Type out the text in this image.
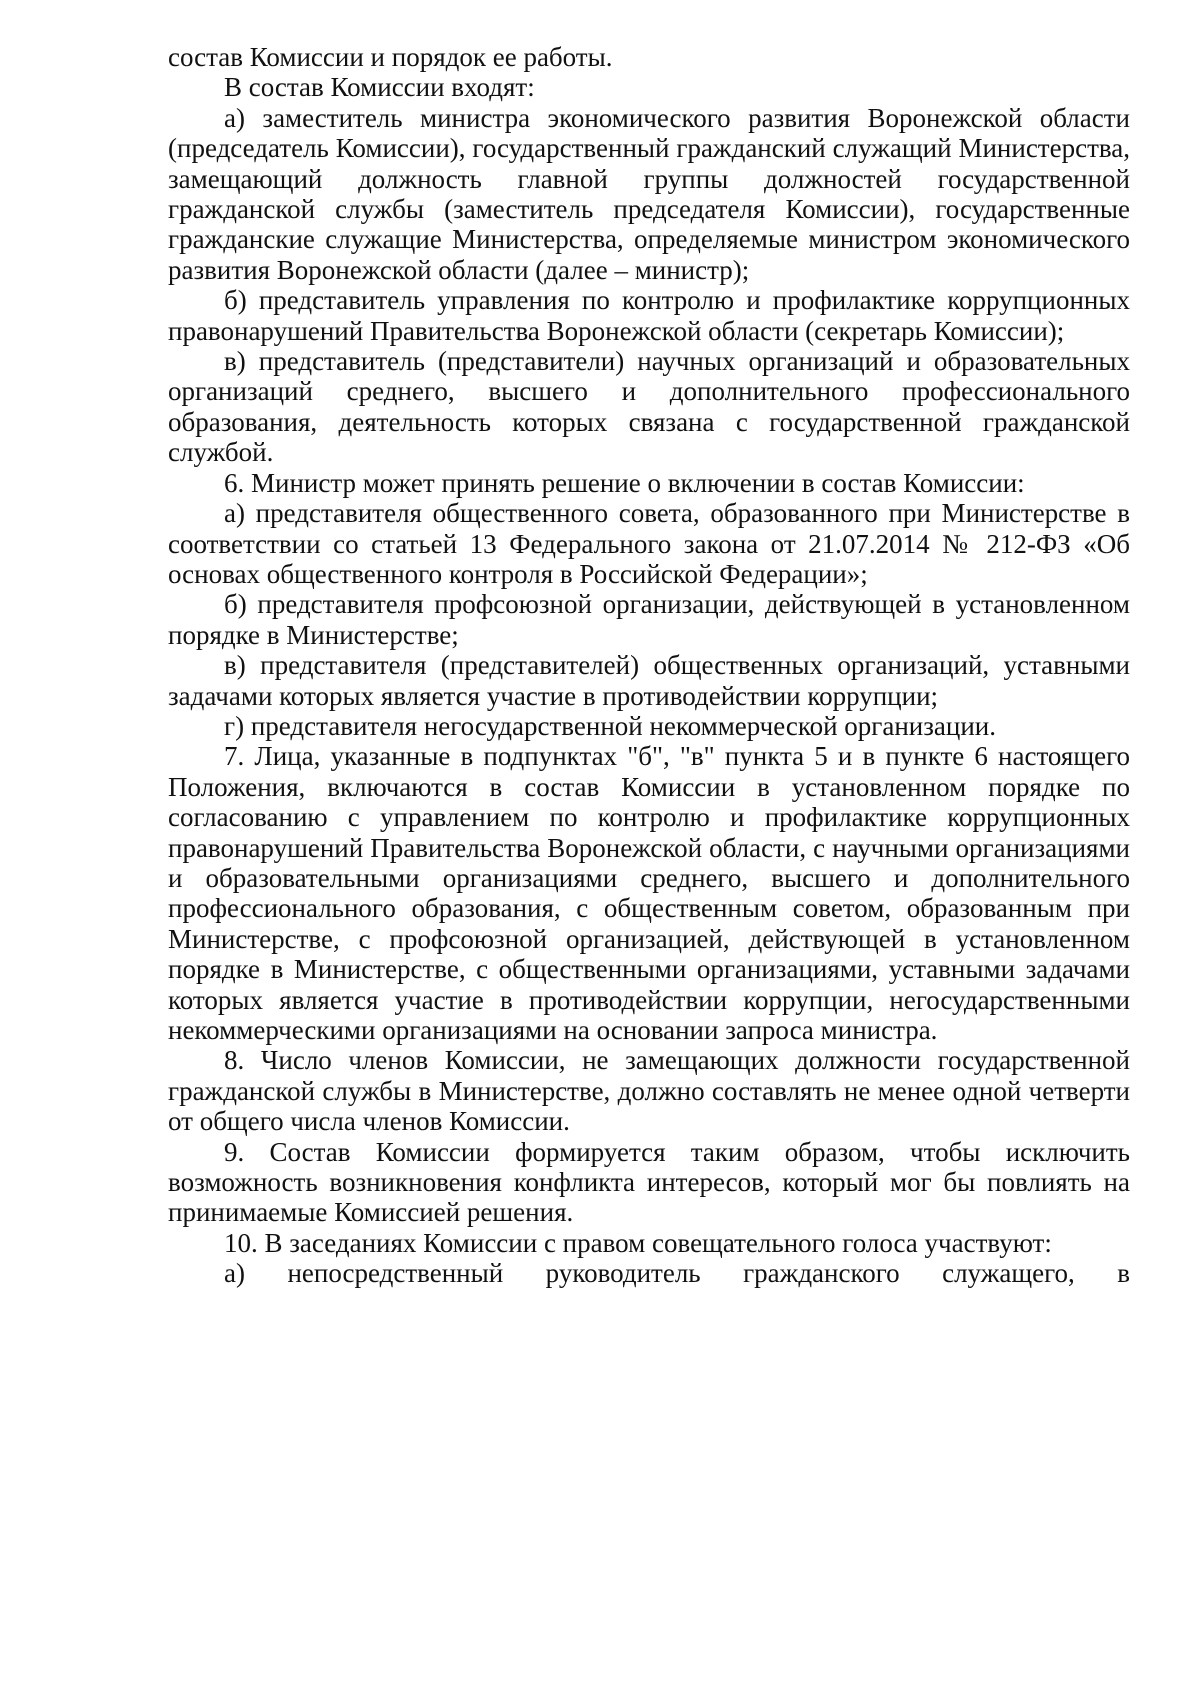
состав Комиссии и порядок ее работы.

В состав Комиссии входят:

а) заместитель министра экономического развития Воронежской области (председатель Комиссии), государственный гражданский служащий Министерства, замещающий должность главной группы должностей государственной гражданской службы (заместитель председателя Комиссии), государственные гражданские служащие Министерства, определяемые министром экономического развития Воронежской области (далее – министр);

б) представитель управления по контролю и профилактике коррупционных правонарушений Правительства Воронежской области (секретарь Комиссии);

в) представитель (представители) научных организаций и образовательных организаций среднего, высшего и дополнительного профессионального образования, деятельность которых связана с государственной гражданской службой.

6. Министр может принять решение о включении в состав Комиссии:

а) представителя общественного совета, образованного при Министерстве в соответствии со статьей 13 Федерального закона от 21.07.2014 № 212-ФЗ «Об основах общественного контроля в Российской Федерации»;

б) представителя профсоюзной организации, действующей в установленном порядке в Министерстве;

в) представителя (представителей) общественных организаций, уставными задачами которых является участие в противодействии коррупции;

г) представителя негосударственной некоммерческой организации.

7. Лица, указанные в подпунктах "б", "в" пункта 5 и в пункте 6 настоящего Положения, включаются в состав Комиссии в установленном порядке по согласованию с управлением по контролю и профилактике коррупционных правонарушений Правительства Воронежской области, с научными организациями и образовательными организациями среднего, высшего и дополнительного профессионального образования, с общественным советом, образованным при Министерстве, с профсоюзной организацией, действующей в установленном порядке в Министерстве, с общественными организациями, уставными задачами которых является участие в противодействии коррупции, негосударственными некоммерческими организациями на основании запроса министра.

8. Число членов Комиссии, не замещающих должности государственной гражданской службы в Министерстве, должно составлять не менее одной четверти от общего числа членов Комиссии.

9. Состав Комиссии формируется таким образом, чтобы исключить возможность возникновения конфликта интересов, который мог бы повлиять на принимаемые Комиссией решения.

10. В заседаниях Комиссии с правом совещательного голоса участвуют:

а) непосредственный руководитель гражданского служащего, в
